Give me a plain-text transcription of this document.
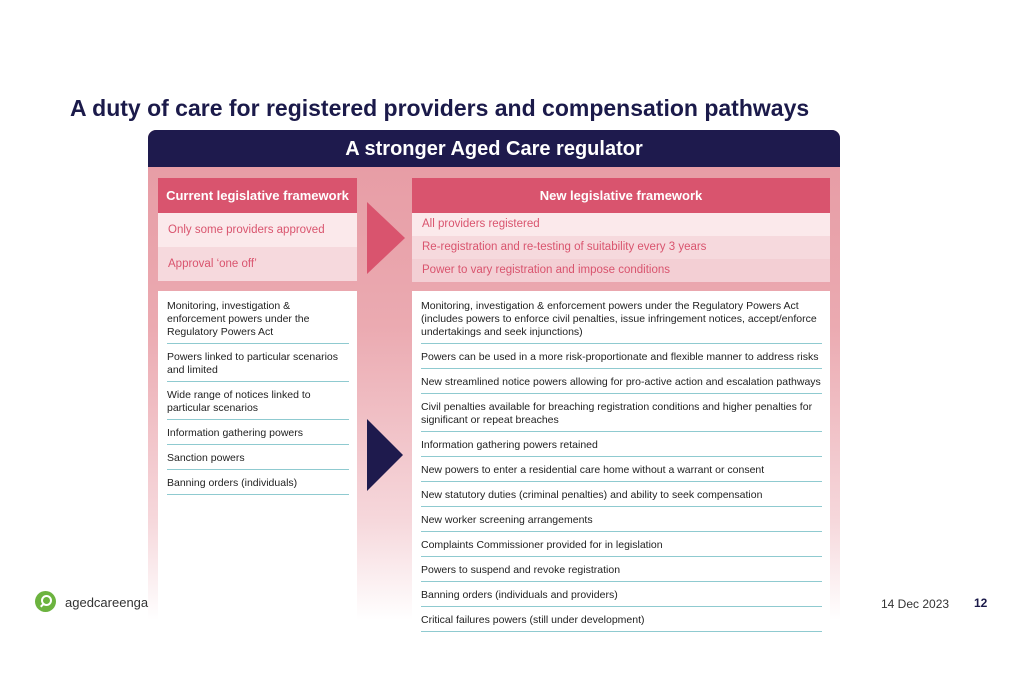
A duty of care for registered providers and compensation pathways
A stronger Aged Care regulator
Current legislative framework
Only some providers approved
Approval ‘one off’
New legislative framework
All providers registered
Re-registration and re-testing of suitability every 3 years
Power to vary registration and impose conditions
Monitoring, investigation & enforcement powers under the Regulatory Powers Act
Powers linked to particular scenarios and limited
Wide range of notices linked to particular scenarios
Information gathering powers
Sanction powers
Banning orders (individuals)
Monitoring, investigation & enforcement powers under the Regulatory Powers Act (includes powers to enforce civil penalties, issue infringement notices, accept/enforce undertakings and seek injunctions)
Powers can be used in a more risk-proportionate and flexible manner to address risks
New streamlined notice powers allowing for pro-active action and escalation pathways
Civil penalties available for breaching registration conditions and higher penalties for significant or repeat breaches
Information gathering powers retained
New powers to enter a residential care home without a warrant or consent
New statutory duties (criminal penalties) and ability to seek compensation
New worker screening arrangements
Complaints Commissioner provided for in legislation
Powers to suspend and revoke registration
Banning orders (individuals and providers)
Critical failures powers (still under development)
agedcareenga	14 Dec 2023 12
